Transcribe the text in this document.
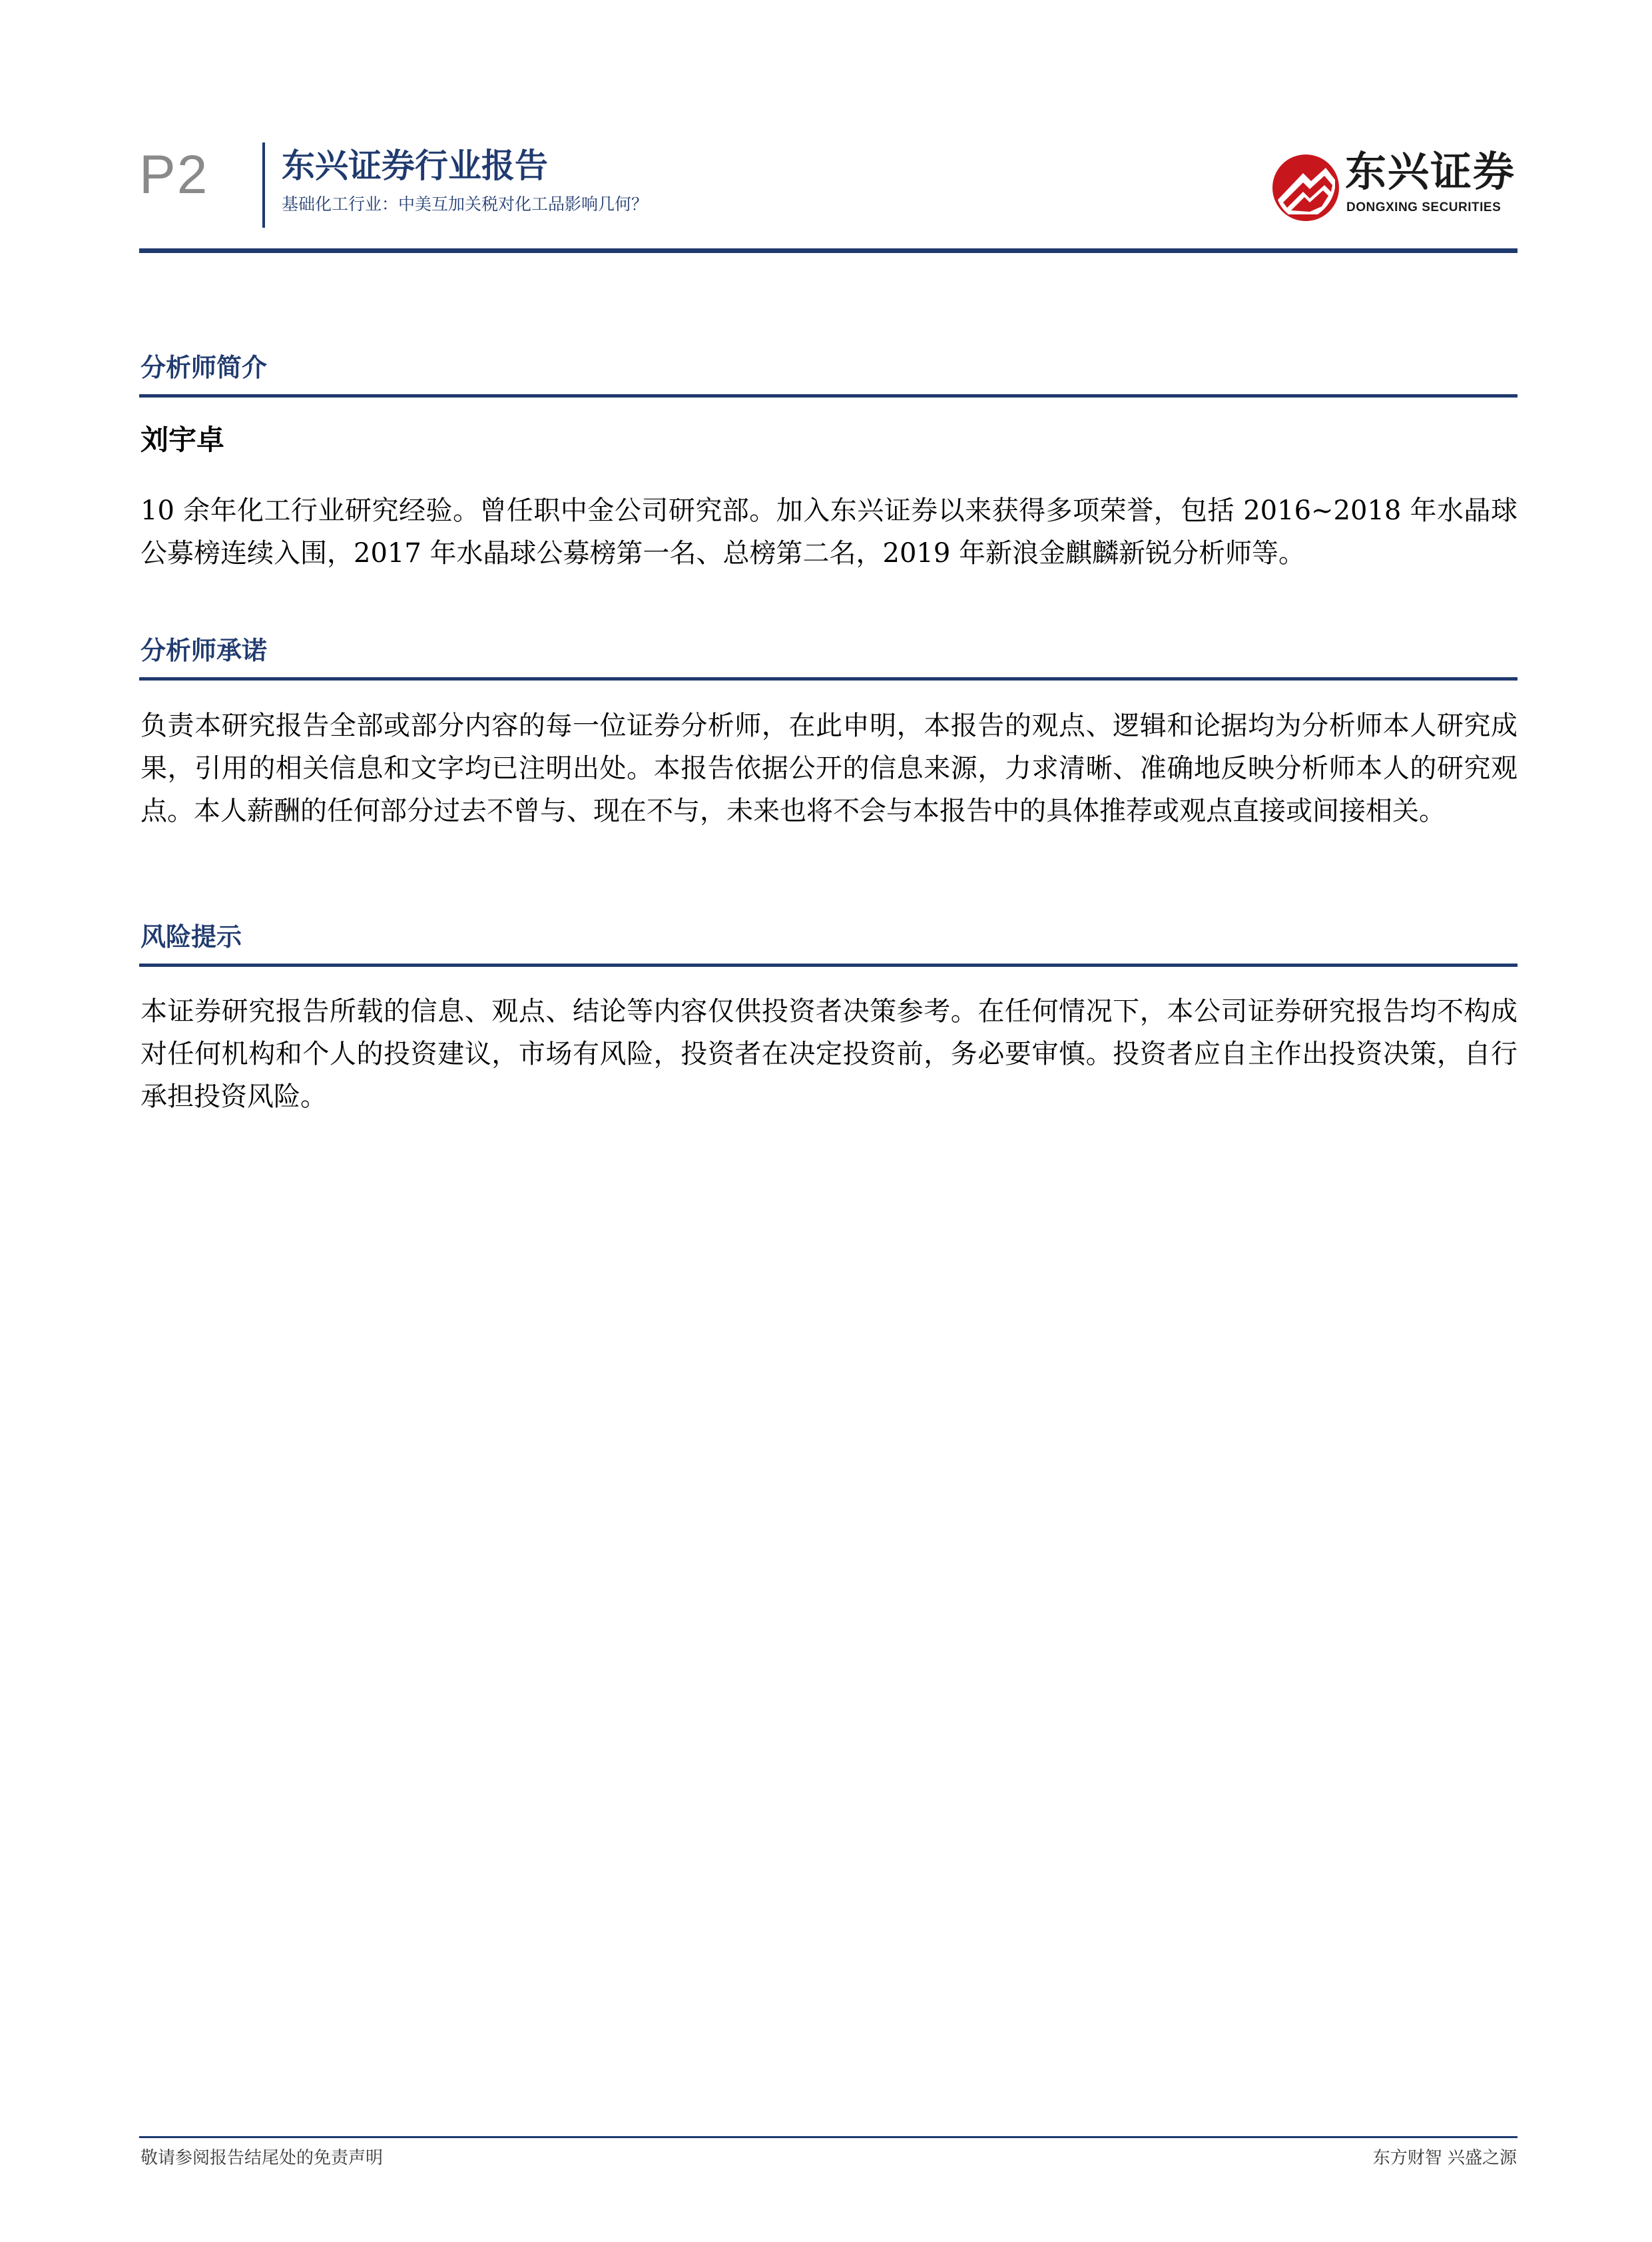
P2 东兴证券行业报告
基础化工行业：中美互加关税对化工品影响几何？
东兴证券
DONGXING SECURITIES
分析师简介
刘宇卓
10 余年化工行业研究经验。曾任职中金公司研究部。加入东兴证券以来获得多项荣誉，包括 2016~2018 年水晶球公募榜连续入围，2017 年水晶球公募榜第一名、总榜第二名，2019 年新浪金麒麟新锐分析师等。
分析师承诺
负责本研究报告全部或部分内容的每一位证券分析师，在此申明，本报告的观点、逻辑和论据均为分析师本人研究成果，引用的相关信息和文字均已注明出处。本报告依据公开的信息来源，力求清晰、准确地反映分析师本人的研究观点。本人薪酬的任何部分过去不曾与、现在不与，未来也将不会与本报告中的具体推荐或观点直接或间接相关。
风险提示
本证券研究报告所载的信息、观点、结论等内容仅供投资者决策参考。在任何情况下，本公司证券研究报告均不构成对任何机构和个人的投资建议，市场有风险，投资者在决定投资前，务必要审慎。投资者应自主作出投资决策，自行承担投资风险。
敬请参阅报告结尾处的免责声明	东方财智 兴盛之源
